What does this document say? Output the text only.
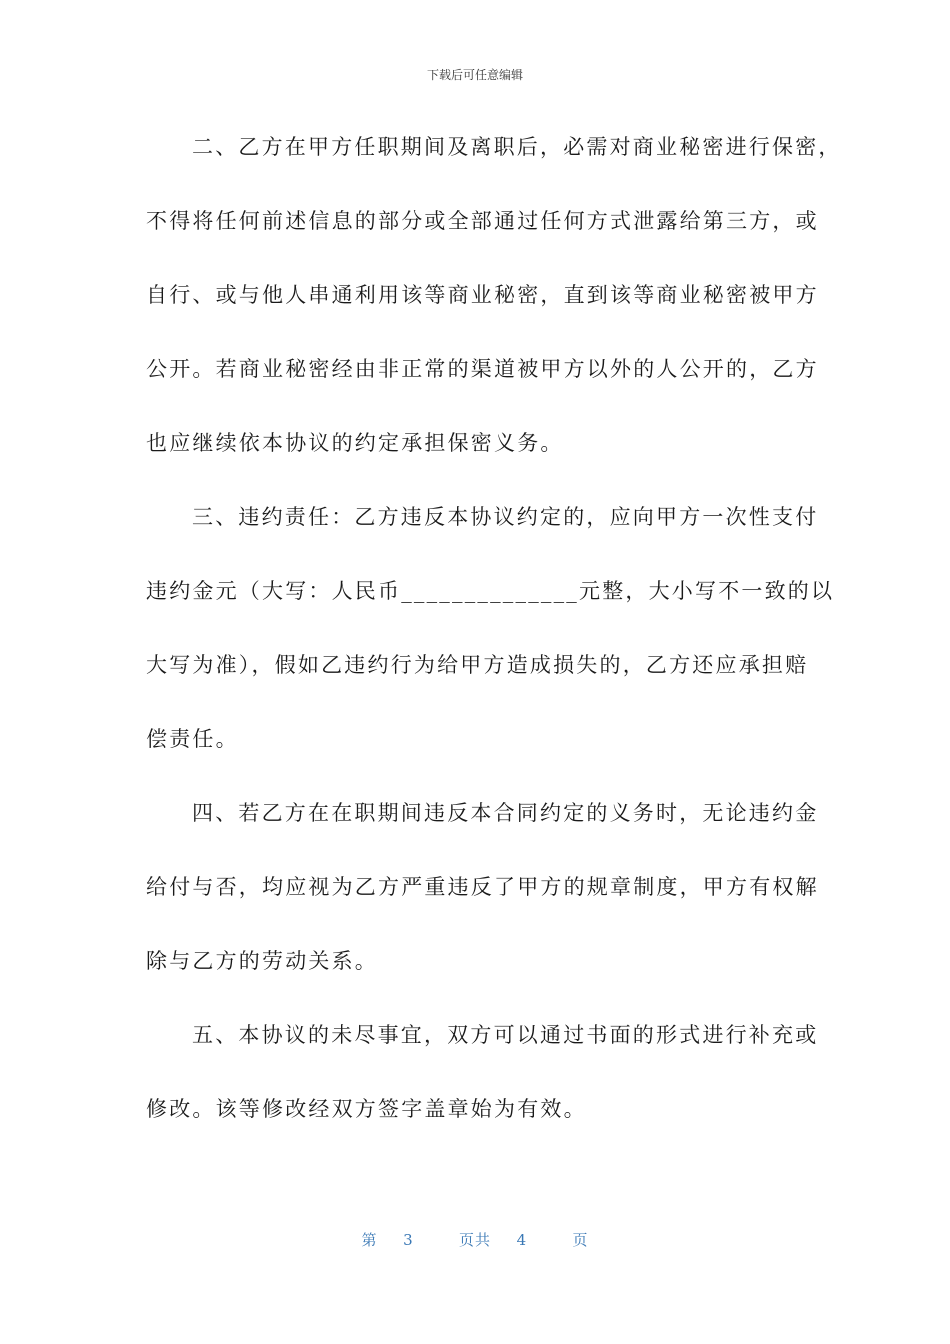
下载后可任意编辑
二、乙方在甲方任职期间及离职后，必需对商业秘密进行保密，
不得将任何前述信息的部分或全部通过任何方式泄露给第三方，或
自行、或与他人串通利用该等商业秘密，直到该等商业秘密被甲方
公开。若商业秘密经由非正常的渠道被甲方以外的人公开的，乙方
也应继续依本协议的约定承担保密义务。
三、违约责任：乙方违反本协议约定的，应向甲方一次性支付
违约金元（大写：人民币______________元整，大小写不一致的以
大写为准），假如乙违约行为给甲方造成损失的，乙方还应承担赔
偿责任。
四、若乙方在在职期间违反本合同约定的义务时，无论违约金
给付与否，均应视为乙方严重违反了甲方的规章制度，甲方有权解
除与乙方的劳动关系。
五、本协议的未尽事宜，双方可以通过书面的形式进行补充或
修改。该等修改经双方签字盖章始为有效。
第 3	页共 4	页
